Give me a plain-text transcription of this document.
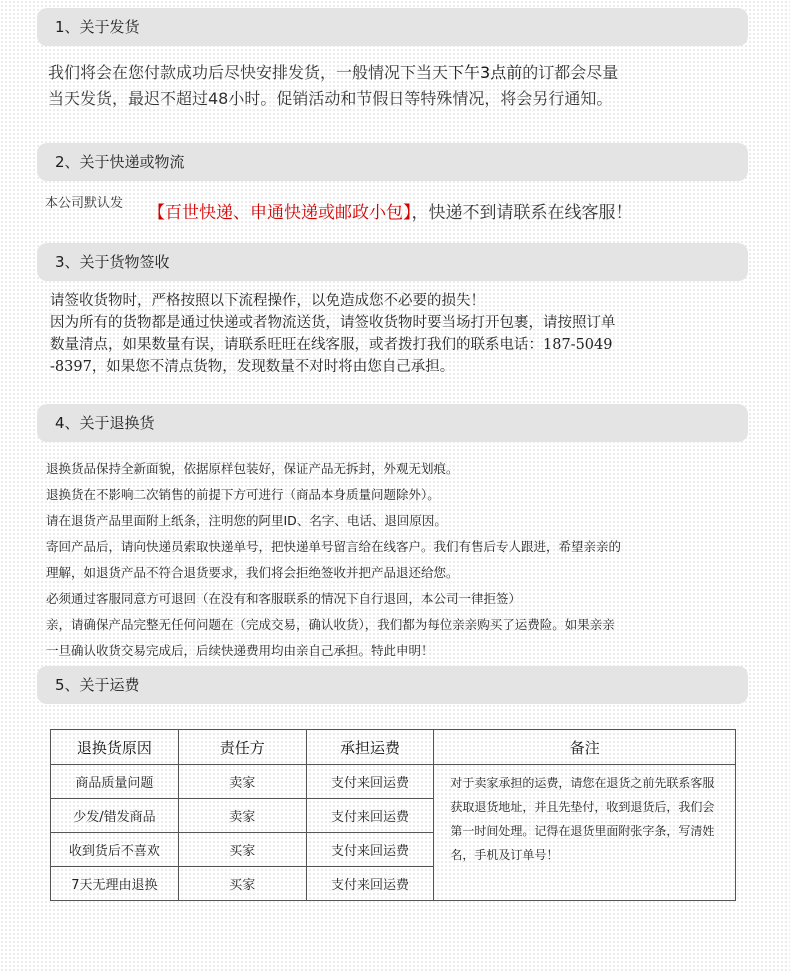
1、关于发货

我们将会在您付款成功后尽快安排发货，一般情况下当天下午3点前的订都会尽量
当天发货，最迟不超过48小时。促销活动和节假日等特殊情况，将会另行通知。

2、关于快递或物流
本公司默认发 【百世快递、申通快递或邮政小包】，快递不到请联系在线客服！
3、关于货物签收

请签收货物时，严格按照以下流程操作，以免造成您不必要的损失！
因为所有的货物都是通过快递或者物流送货，请签收货物时要当场打开包裹，请按照订单
数量清点，如果数量有误，请联系旺旺在线客服，或者拨打我们的联系电话：187-5049
-8397，如果您不清点货物，发现数量不对时将由您自己承担。

4、关于退换货

退换货品保持全新面貌，依据原样包装好，保证产品无拆封，外观无划痕。
退换货在不影响二次销售的前提下方可进行（商品本身质量问题除外）。
请在退货产品里面附上纸条，注明您的阿里ID、名字、电话、退回原因。
寄回产品后，请向快递员索取快递单号，把快递单号留言给在线客户。我们有售后专人跟进，希望亲亲的
理解，如退货产品不符合退货要求，我们将会拒绝签收并把产品退还给您。
必须通过客服同意方可退回（在没有和客服联系的情况下自行退回，本公司一律拒签）
亲，请确保产品完整无任何问题在（完成交易，确认收货），我们都为每位亲亲购买了运费险。如果亲亲
一旦确认收货交易完成后，后续快递费用均由亲自己承担。特此申明！

5、关于运费
退换货原因	责任方	承担运费	备注
商品质量问题	卖家	支付来回运费	对于卖家承担的运费，请您在退货之前先联系客服获取退货地址，并且先垫付，收到退货后，我们会第一时间处理。记得在退货里面附张字条，写清姓名，手机及订单号！
少发/错发商品	卖家	支付来回运费	
收到货后不喜欢	买家	支付来回运费	
7天无理由退换	买家	支付来回运费	
